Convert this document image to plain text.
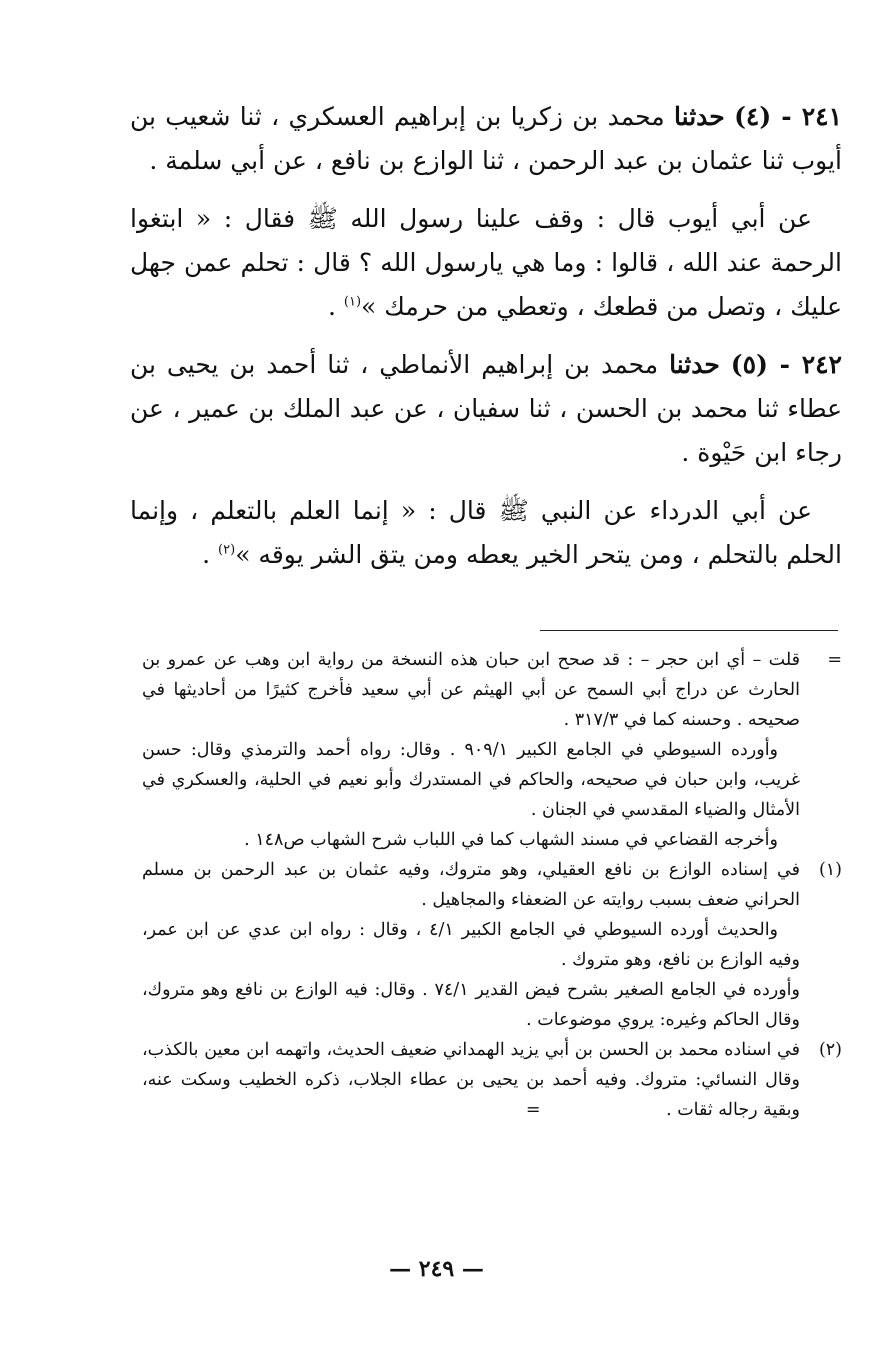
٢٤١ - (٤) حدثنا محمد بن زكريا بن إبراهيم العسكري ، ثنا شعيب بن أيوب ثنا عثمان بن عبد الرحمن ، ثنا الوازع بن نافع ، عن أبي سلمة .

عن أبي أيوب قال : وقف علينا رسول الله ﷺ فقال : « ابتغوا الرحمة عند الله ، قالوا : وما هي يارسول الله ؟ قال : تحلم عمن جهل عليك ، وتصل من قطعك ، وتعطي من حرمك »$^{(١)}$ .

٢٤٢ - (٥) حدثنا محمد بن إبراهيم الأنماطي ، ثنا أحمد بن يحيى بن عطاء ثنا محمد بن الحسن ، ثنا سفيان ، عن عبد الملك بن عمير ، عن رجاء ابن حَيْوة .

عن أبي الدرداء عن النبي ﷺ قال : « إنما العلم بالتعلم ، وإنما الحلم بالتحلم ، ومن يتحر الخير يعطه ومن يتق الشر يوقه »$^{(٢)}$ .

=
قلت – أي ابن حجر – : قد صحح ابن حبان هذه النسخة من رواية ابن وهب عن عمرو بن الحارث عن دراج أبي السمح عن أبي الهيثم عن أبي سعيد فأخرج كثيرًا من أحاديثها في صحيحه . وحسنه كما في ٣١٧/٣ .
وأورده السيوطي في الجامع الكبير ٩٠٩/١ . وقال: رواه أحمد والترمذي وقال: حسن غريب، وابن حبان في صحيحه، والحاكم في المستدرك وأبو نعيم في الحلية، والعسكري في الأمثال والضياء المقدسي في الجنان .
وأخرجه القضاعي في مسند الشهاب كما في اللباب شرح الشهاب ص١٤٨ .
(١)
في إسناده الوازع بن نافع العقيلي، وهو متروك، وفيه عثمان بن عبد الرحمن بن مسلم الحراني ضعف بسبب روايته عن الضعفاء والمجاهيل .
والحديث أورده السيوطي في الجامع الكبير ٤/١ ، وقال : رواه ابن عدي عن ابن عمر، وفيه الوازع بن نافع، وهو متروك .
وأورده في الجامع الصغير بشرح فيض القدير ٧٤/١ . وقال: فيه الوازع بن نافع وهو متروك، وقال الحاكم وغيره: يروي موضوعات .
(٢)
في اسناده محمد بن الحسن بن أبي يزيد الهمداني ضعيف الحديث، واتهمه ابن معين بالكذب، وقال النسائي: متروك. وفيه أحمد بن يحيى بن عطاء الجلاب، ذكره الخطيب وسكت عنه، وبقية رجاله ثقات . =
— ٢٤٩ —
